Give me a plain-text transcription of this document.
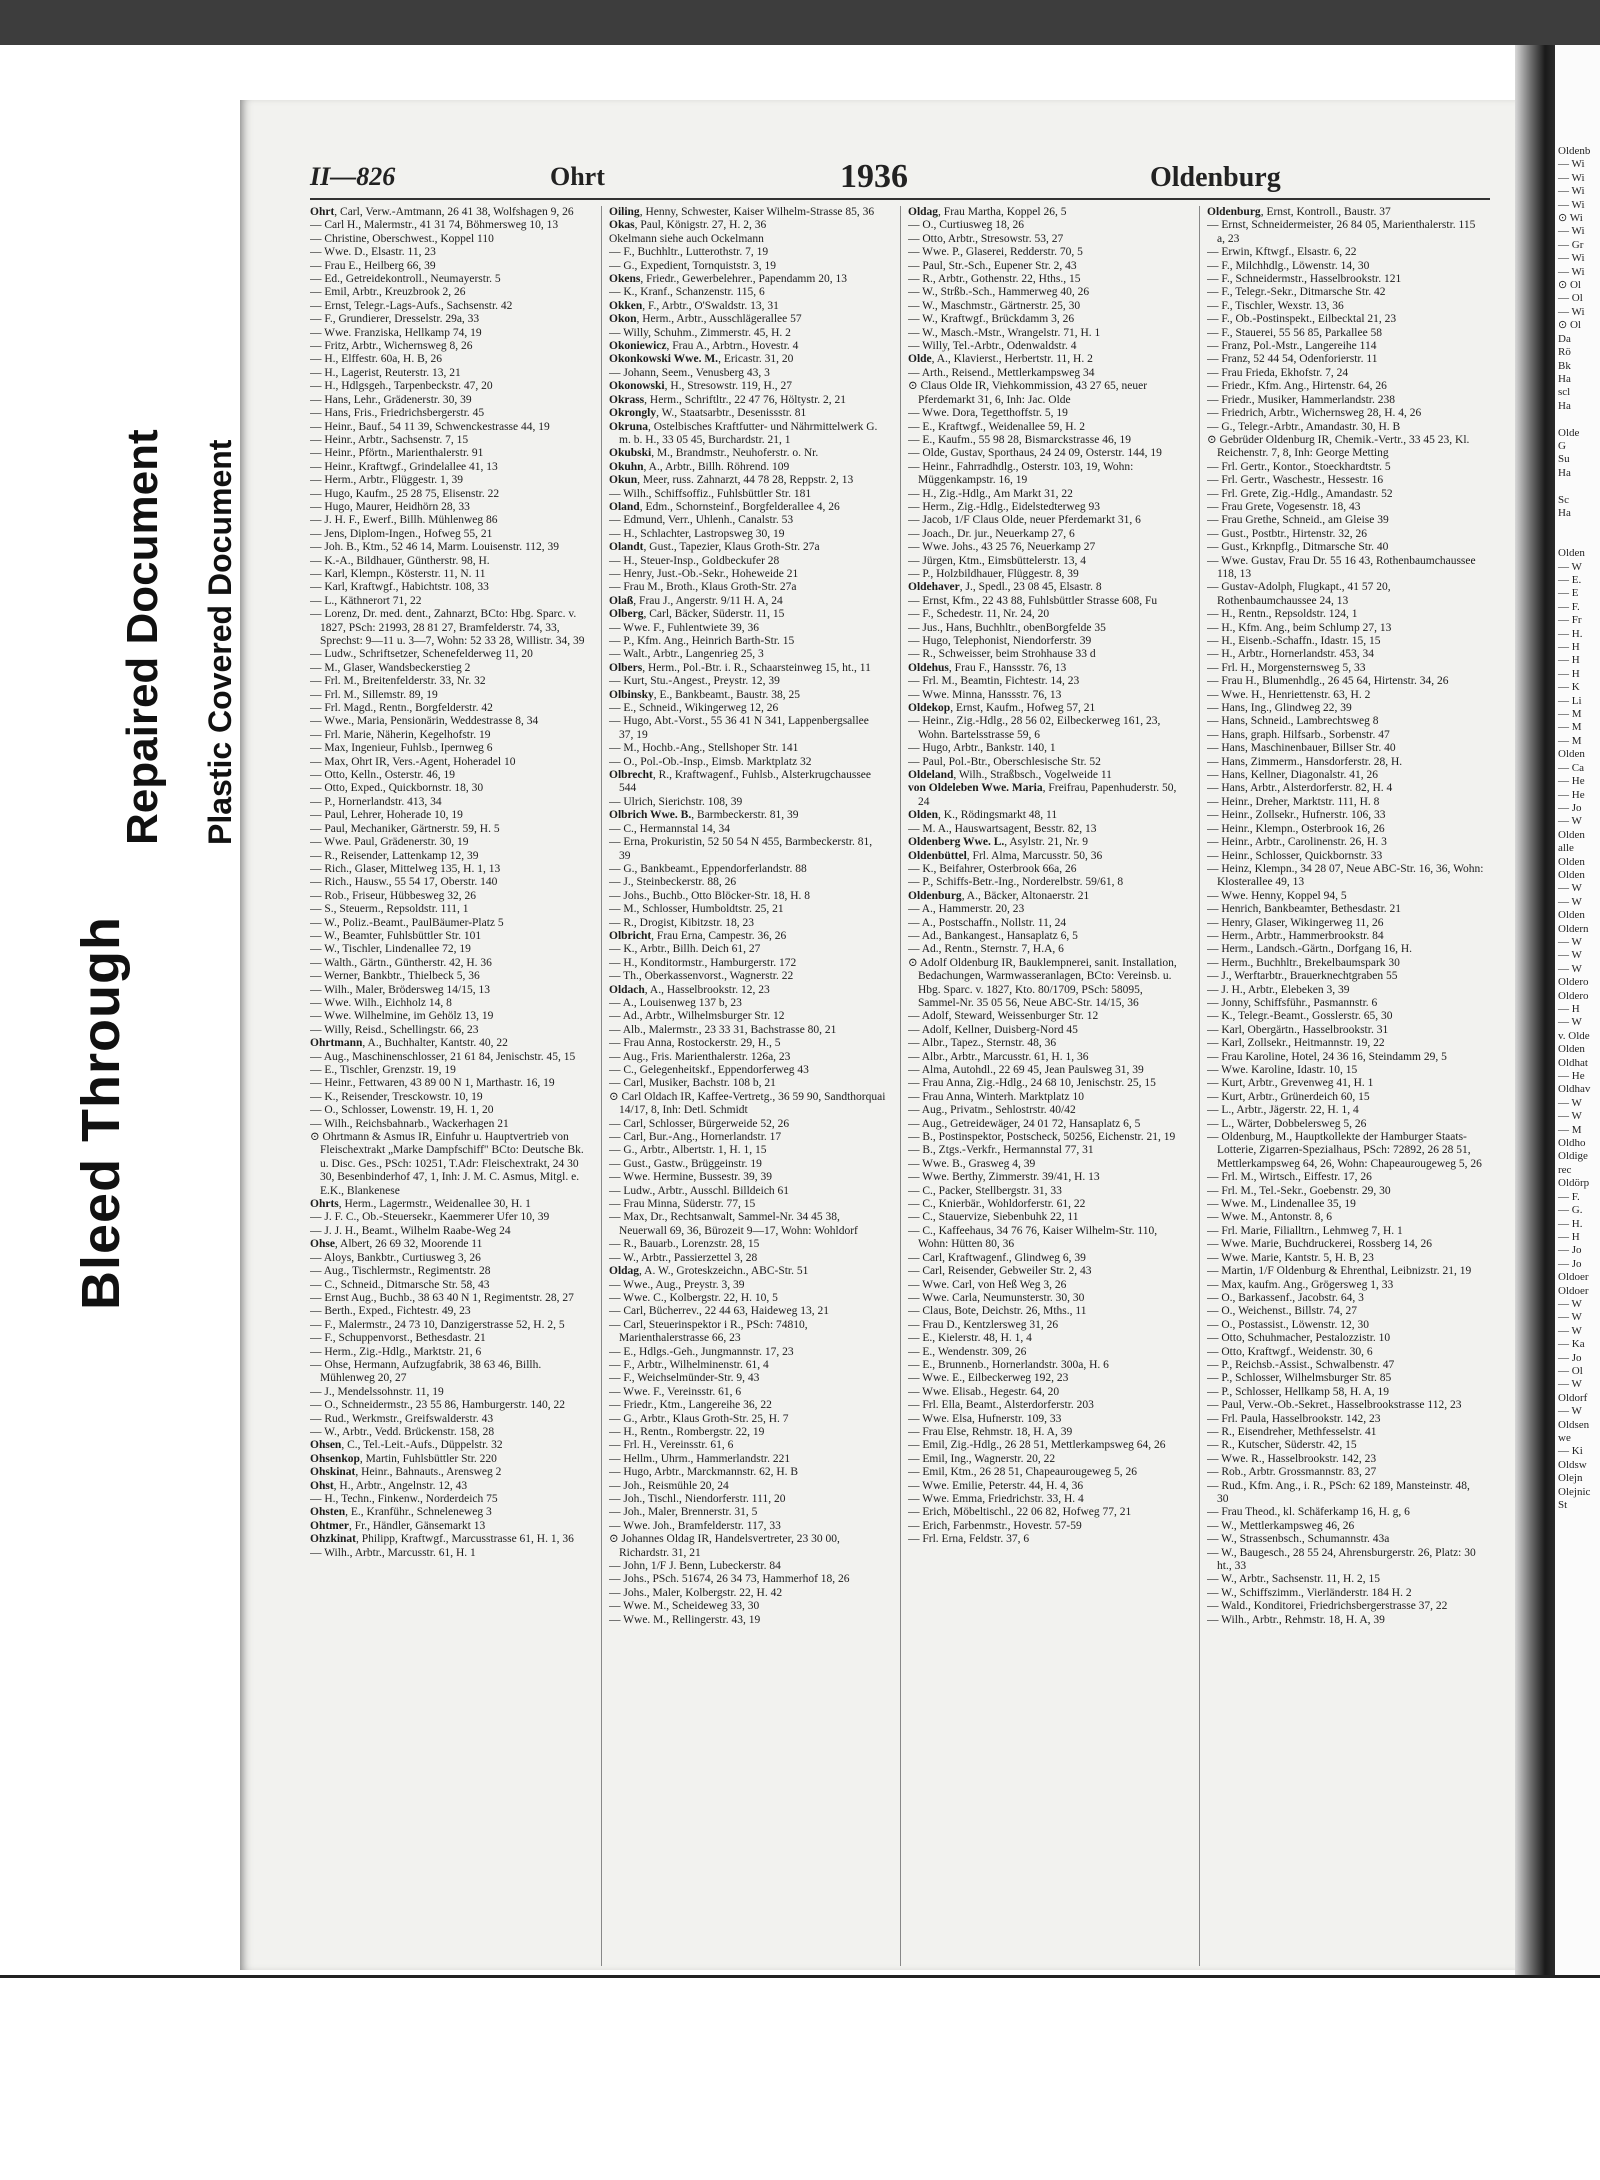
Bleed Through
Repaired Document Plastic Covered Document
II—826	Ohrt	1936	Oldenburg

Ohrt, Carl, Verw.-Amtmann, 26 41 38, Wolfshagen 9, 26

— Carl H., Malermstr., 41 31 74, Böhmersweg 10, 13

— Christine, Oberschwest., Koppel 110

— Wwe. D., Elsastr. 11, 23

— Frau E., Heilberg 66, 39

— Ed., Getreidekontroll., Neumayerstr. 5

— Emil, Arbtr., Kreuzbrook 2, 26

— Ernst, Telegr.-Lags-Aufs., Sachsenstr. 42

— F., Grundierer, Dresselstr. 29a, 33

— Wwe. Franziska, Hellkamp 74, 19

— Fritz, Arbtr., Wichernsweg 8, 26

— H., Elffestr. 60a, H. B, 26

— H., Lagerist, Reuterstr. 13, 21

— H., Hdlgsgeh., Tarpenbeckstr. 47, 20

— Hans, Lehr., Grädenerstr. 30, 39

— Hans, Fris., Friedrichsbergerstr. 45

— Heinr., Bauf., 54 11 39, Schwenckestrasse 44, 19

— Heinr., Arbtr., Sachsenstr. 7, 15

— Heinr., Pförtn., Marienthalerstr. 91

— Heinr., Kraftwgf., Grindelallee 41, 13

— Herm., Arbtr., Flüggestr. 1, 39

— Hugo, Kaufm., 25 28 75, Elisenstr. 22

— Hugo, Maurer, Heidhörn 28, 33

— J. H. F., Ewerf., Billh. Mühlenweg 86

— Jens, Diplom-Ingen., Hofweg 55, 21

— Joh. B., Ktm., 52 46 14, Marm. Louisenstr. 112, 39

— K.-A., Bildhauer, Güntherstr. 98, H.

— Karl, Klempn., Kösterstr. 11, N. 11

— Karl, Kraftwgf., Habichtstr. 108, 33

— L., Käthnerort 71, 22

— Lorenz, Dr. med. dent., Zahnarzt, BCto: Hbg. Sparc. v. 1827, PSch: 21993, 28 81 27, Bramfelderstr. 74, 33, Sprechst: 9—11 u. 3—7, Wohn: 52 33 28, Willistr. 34, 39

— Ludw., Schriftsetzer, Schenefelderweg 11, 20

— M., Glaser, Wandsbeckerstieg 2

— Frl. M., Breitenfelderstr. 33, Nr. 32

— Frl. M., Sillemstr. 89, 19

— Frl. Magd., Rentn., Borgfelderstr. 42

— Wwe., Maria, Pensionärin, Weddestrasse 8, 34

— Frl. Marie, Näherin, Kegelhofstr. 19

— Max, Ingenieur, Fuhlsb., Ipernweg 6

— Max, Ohrt IR, Vers.-Agent, Hoheradel 10

— Otto, Kelln., Osterstr. 46, 19

— Otto, Exped., Quickbornstr. 18, 30

— P., Hornerlandstr. 413, 34

— Paul, Lehrer, Hoherade 10, 19

— Paul, Mechaniker, Gärtnerstr. 59, H. 5

— Wwe. Paul, Grädenerstr. 30, 19

— R., Reisender, Lattenkamp 12, 39

— Rich., Glaser, Mittelweg 135, H. 1, 13

— Rich., Hausw., 55 54 17, Oberstr. 140

— Rob., Friseur, Hübbesweg 32, 26

— S., Steuerm., Repsoldstr. 111, 1

— W., Poliz.-Beamt., PaulBäumer-Platz 5

— W., Beamter, Fuhlsbüttler Str. 101

— W., Tischler, Lindenallee 72, 19

— Walth., Gärtn., Güntherstr. 42, H. 36

— Werner, Bankbtr., Thielbeck 5, 36

— Wilh., Maler, Brödersweg 14/15, 13

— Wwe. Wilh., Eichholz 14, 8

— Wwe. Wilhelmine, im Gehölz 13, 19

— Willy, Reisd., Schellingstr. 66, 23

Ohrtmann, A., Buchhalter, Kantstr. 40, 22

— Aug., Maschinenschlosser, 21 61 84, Jenischstr. 45, 15

— E., Tischler, Grenzstr. 19, 19

— Heinr., Fettwaren, 43 89 00 N 1, Marthastr. 16, 19

— K., Reisender, Tresckowstr. 10, 19

— O., Schlosser, Lowenstr. 19, H. 1, 20

— Wilh., Reichsbahnarb., Wackerhagen 21

⊙ Ohrtmann & Asmus IR, Einfuhr u. Hauptvertrieb von Fleischextrakt „Marke Dampfschiff" BCto: Deutsche Bk. u. Disc. Ges., PSch: 10251, T.Adr: Fleischextrakt, 24 30 30, Besenbinderhof 47, 1, Inh: J. M. C. Asmus, Mitgl. e. E.K., Blankenese

Ohrts, Herm., Lagermstr., Weidenallee 30, H. 1

— J. F. C., Ob.-Steuersekr., Kaemmerer Ufer 10, 39

— J. J. H., Beamt., Wilhelm Raabe-Weg 24

Ohse, Albert, 26 69 32, Moorende 11

— Aloys, Bankbtr., Curtiusweg 3, 26

— Aug., Tischlermstr., Regimentstr. 28

— C., Schneid., Ditmarsche Str. 58, 43

— Ernst Aug., Buchb., 38 63 40 N 1, Regimentstr. 28, 27

— Berth., Exped., Fichtestr. 49, 23

— F., Malermstr., 24 73 10, Danzigerstrasse 52, H. 2, 5

— F., Schuppenvorst., Bethesdastr. 21

— Herm., Zig.-Hdlg., Marktstr. 21, 6

— Ohse, Hermann, Aufzugfabrik, 38 63 46, Billh. Mühlenweg 20, 27

— J., Mendelssohnstr. 11, 19

— O., Schneidermstr., 23 55 86, Hamburgerstr. 140, 22

— Rud., Werkmstr., Greifswalderstr. 43

— W., Arbtr., Vedd. Brückenstr. 158, 28

Ohsen, C., Tel.-Leit.-Aufs., Düppelstr. 32

Ohsenkop, Martin, Fuhlsbüttler Str. 220

Ohskinat, Heinr., Bahnauts., Arensweg 2

Ohst, H., Arbtr., Angelnstr. 12, 43

— H., Techn., Finkenw., Norderdeich 75

Ohsten, E., Kranführ., Schneleneweg 3

Ohtmer, Fr., Händler, Gänsemarkt 13

Ohzkinat, Philipp, Kraftwgf., Marcusstrasse 61, H. 1, 36

— Wilh., Arbtr., Marcusstr. 61, H. 1

Oiling, Henny, Schwester, Kaiser Wilhelm-Strasse 85, 36

Okas, Paul, Königstr. 27, H. 2, 36

Okelmann siehe auch Ockelmann

— F., Buchhltr., Lutterothstr. 7, 19

— G., Expedient, Tornquiststr. 3, 19

Okens, Friedr., Gewerbelehrer., Papendamm 20, 13

— K., Kranf., Schanzenstr. 115, 6

Okken, F., Arbtr., O'Swaldstr. 13, 31

Okon, Herm., Arbtr., Ausschlägerallee 57

— Willy, Schuhm., Zimmerstr. 45, H. 2

Okoniewicz, Frau A., Arbtrn., Hovestr. 4

Okonkowski Wwe. M., Ericastr. 31, 20

— Johann, Seem., Venusberg 43, 3

Okonowski, H., Stresowstr. 119, H., 27

Okrass, Herm., Schriftltr., 22 47 76, Höltystr. 2, 21

Okrongly, W., Staatsarbtr., Desenissstr. 81

Okruna, Ostelbisches Kraftfutter- und Nährmittelwerk G. m. b. H., 33 05 45, Burchardstr. 21, 1

Okubski, M., Brandmstr., Neuhoferstr. o. Nr.

Okuhn, A., Arbtr., Billh. Röhrend. 109

Okun, Meer, russ. Zahnarzt, 44 78 28, Reppstr. 2, 13

— Wilh., Schiffsoffiz., Fuhlsbüttler Str. 181

Oland, Edm., Schornsteinf., Borgfelderallee 4, 26

— Edmund, Verr., Uhlenh., Canalstr. 53

— H., Schlachter, Lastropsweg 30, 19

Olandt, Gust., Tapezier, Klaus Groth-Str. 27a

— H., Steuer-Insp., Goldbeckufer 28

— Henry, Just.-Ob.-Sekr., Hoheweide 21

— Frau M., Broth., Klaus Groth-Str. 27a

Olaß, Frau J., Angerstr. 9/11 H. A, 24

Olberg, Carl, Bäcker, Süderstr. 11, 15

— Wwe. F., Fuhlentwiete 39, 36

— P., Kfm. Ang., Heinrich Barth-Str. 15

— Walt., Arbtr., Langenrieg 25, 3

Olbers, Herm., Pol.-Btr. i. R., Schaarsteinweg 15, ht., 11

— Kurt, Stu.-Angest., Preystr. 12, 39

Olbinsky, E., Bankbeamt., Baustr. 38, 25

— E., Schneid., Wikingerweg 12, 26

— Hugo, Abt.-Vorst., 55 36 41 N 341, Lappenbergsallee 37, 19

— M., Hochb.-Ang., Stellshoper Str. 141

— O., Pol.-Ob.-Insp., Eimsb. Marktplatz 32

Olbrecht, R., Kraftwagenf., Fuhlsb., Alsterkrugchaussee 544

— Ulrich, Sierichstr. 108, 39

Olbrich Wwe. B., Barmbeckerstr. 81, 39

— C., Hermannstal 14, 34

— Erna, Prokuristin, 52 50 54 N 455, Barmbeckerstr. 81, 39

— G., Bankbeamt., Eppendorferlandstr. 88

— J., Steinbeckerstr. 88, 26

— Johs., Buchb., Otto Blöcker-Str. 18, H. 8

— M., Schlosser, Humboldtstr. 25, 21

— R., Drogist, Kibitzstr. 18, 23

Olbricht, Frau Erna, Campestr. 36, 26

— K., Arbtr., Billh. Deich 61, 27

— H., Konditormstr., Hamburgerstr. 172

— Th., Oberkassenvorst., Wagnerstr. 22

Oldach, A., Hasselbrookstr. 12, 23

— A., Louisenweg 137 b, 23

— Ad., Arbtr., Wilhelmsburger Str. 12

— Alb., Malermstr., 23 33 31, Bachstrasse 80, 21

— Frau Anna, Rostockerstr. 29, H., 5

— Aug., Fris. Marienthalerstr. 126a, 23

— C., Gelegenheitskf., Eppendorferweg 43

— Carl, Musiker, Bachstr. 108 b, 21

⊙ Carl Oldach IR, Kaffee-Vertretg., 36 59 90, Sandthorquai 14/17, 8, Inh: Detl. Schmidt

— Carl, Schlosser, Bürgerweide 52, 26

— Carl, Bur.-Ang., Hornerlandstr. 17

— G., Arbtr., Albertstr. 1, H. 1, 15

— Gust., Gastw., Brüggeinstr. 19

— Wwe. Hermine, Bussestr. 39, 39

— Ludw., Arbtr., Ausschl. Billdeich 61

— Frau Minna, Süderstr. 77, 15

— Max, Dr., Rechtsanwalt, Sammel-Nr. 34 45 38, Neuerwall 69, 36, Bürozeit 9—17, Wohn: Wohldorf

— R., Bauarb., Lorenzstr. 28, 15

— W., Arbtr., Passierzettel 3, 28

Oldag, A. W., Groteskzeichn., ABC-Str. 51

— Wwe., Aug., Preystr. 3, 39

— Wwe. C., Kolbergstr. 22, H. 10, 5

— Carl, Bücherrev., 22 44 63, Haideweg 13, 21

— Carl, Steuerinspektor i R., PSch: 74810, Marienthalerstrasse 66, 23

— E., Hdlgs.-Geh., Jungmannstr. 17, 23

— F., Arbtr., Wilhelminenstr. 61, 4

— F., Weichselmünder-Str. 9, 43

— Wwe. F., Vereinsstr. 61, 6

— Friedr., Ktm., Langereihe 36, 22

— G., Arbtr., Klaus Groth-Str. 25, H. 7

— H., Rentn., Rombergstr. 22, 19

— Frl. H., Vereinsstr. 61, 6

— Hellm., Uhrm., Hammerlandstr. 221

— Hugo, Arbtr., Marckmannstr. 62, H. B

— Joh., Reismühle 20, 24

— Joh., Tischl., Niendorferstr. 111, 20

— Joh., Maler, Brennerstr. 31, 5

— Wwe. Joh., Bramfelderstr. 117, 33

⊙ Johannes Oldag IR, Handelsvertreter, 23 30 00, Richardstr. 31, 21

— John, 1/F J. Benn, Lubeckerstr. 84

— Johs., PSch. 51674, 26 34 73, Hammerhof 18, 26

— Johs., Maler, Kolbergstr. 22, H. 42

— Wwe. M., Scheideweg 33, 30

— Wwe. M., Rellingerstr. 43, 19

Oldag, Frau Martha, Koppel 26, 5

— O., Curtiusweg 18, 26

— Otto, Arbtr., Stresowstr. 53, 27

— Wwe. P., Glaserei, Redderstr. 70, 5

— Paul, Str.-Sch., Eupener Str. 2, 43

— R., Arbtr., Gothenstr. 22, Hths., 15

— W., Strßb.-Sch., Hammerweg 40, 26

— W., Maschmstr., Gärtnerstr. 25, 30

— W., Kraftwgf., Brückdamm 3, 26

— W., Masch.-Mstr., Wrangelstr. 71, H. 1

— Willy, Tel.-Arbtr., Odenwaldstr. 4

Olde, A., Klavierst., Herbertstr. 11, H. 2

— Arth., Reisend., Mettlerkampsweg 34

⊙ Claus Olde IR, Viehkommission, 43 27 65, neuer Pferdemarkt 31, 6, Inh: Jac. Olde

— Wwe. Dora, Tegetthoffstr. 5, 19

— E., Kraftwgf., Weidenallee 59, H. 2

— E., Kaufm., 55 98 28, Bismarckstrasse 46, 19

— Olde, Gustav, Sporthaus, 24 24 09, Osterstr. 144, 19

— Heinr., Fahrradhdlg., Osterstr. 103, 19, Wohn: Müggenkampstr. 16, 19

— H., Zig.-Hdlg., Am Markt 31, 22

— Herm., Zig.-Hdlg., Eidelstedterweg 93

— Jacob, 1/F Claus Olde, neuer Pferdemarkt 31, 6

— Joach., Dr. jur., Neuerkamp 27, 6

— Wwe. Johs., 43 25 76, Neuerkamp 27

— Jürgen, Ktm., Eimsbüttelerstr. 13, 4

— P., Holzbildhauer, Flüggestr. 8, 39

Oldehaver, J., Spedl., 23 08 45, Elsastr. 8

— Ernst, Kfm., 22 43 88, Fuhlsbüttler Strasse 608, Fu

— F., Schedestr. 11, Nr. 24, 20

— Jus., Hans, Buchhltr., obenBorgfelde 35

— Hugo, Telephonist, Niendorferstr. 39

— R., Schweisser, beim Strohhause 33 d

Oldehus, Frau F., Hanssstr. 76, 13

— Frl. M., Beamtin, Fichtestr. 14, 23

— Wwe. Minna, Hanssstr. 76, 13

Oldekop, Ernst, Kaufm., Hofweg 57, 21

— Heinr., Zig.-Hdlg., 28 56 02, Eilbeckerweg 161, 23, Wohn. Bartelsstrasse 59, 6

— Hugo, Arbtr., Bankstr. 140, 1

— Paul, Pol.-Btr., Oberschlesische Str. 52

Oldeland, Wilh., Straßbsch., Vogelweide 11

von Oldeleben Wwe. Maria, Freifrau, Papenhuderstr. 50, 24

Olden, K., Rödingsmarkt 48, 11

— M. A., Hauswartsagent, Besstr. 82, 13

Oldenberg Wwe. L., Asylstr. 21, Nr. 9

Oldenbüttel, Frl. Alma, Marcusstr. 50, 36

— K., Beifahrer, Osterbrook 66a, 26

— P., Schiffs-Betr.-Ing., Norderelbstr. 59/61, 8

Oldenburg, A., Bäcker, Altonaerstr. 21

— A., Hammerstr. 20, 23

— A., Postschaffn., Nollstr. 11, 24

— Ad., Bankangest., Hansaplatz 6, 5

— Ad., Rentn., Sternstr. 7, H.A, 6

⊙ Adolf Oldenburg IR, Bauklempnerei, sanit. Installation, Bedachungen, Warmwasseranlagen, BCto: Vereinsb. u. Hbg. Sparc. v. 1827, Kto. 80/1709, PSch: 58095, Sammel-Nr. 35 05 56, Neue ABC-Str. 14/15, 36

— Adolf, Steward, Weissenburger Str. 12

— Adolf, Kellner, Duisberg-Nord 45

— Albr., Tapez., Sternstr. 48, 36

— Albr., Arbtr., Marcusstr. 61, H. 1, 36

— Alma, Autohdl., 22 69 45, Jean Paulsweg 31, 39

— Frau Anna, Zig.-Hdlg., 24 68 10, Jenischstr. 25, 15

— Frau Anna, Winterh. Marktplatz 10

— Aug., Privatm., Sehlostrstr. 40/42

— Aug., Getreidewäger, 24 01 72, Hansaplatz 6, 5

— B., Postinspektor, Postscheck, 50256, Eichenstr. 21, 19

— B., Ztgs.-Verkfr., Hermannstal 77, 31

— Wwe. B., Grasweg 4, 39

— Wwe. Berthy, Zimmerstr. 39/41, H. 13

— C., Packer, Stellbergstr. 31, 33

— C., Knierbär., Wohldorferstr. 61, 22

— C., Stauervize, Siebenbuhk 22, 11

— C., Kaffeehaus, 34 76 76, Kaiser Wilhelm-Str. 110, Wohn: Hütten 80, 36

— Carl, Kraftwagenf., Glindweg 6, 39

— Carl, Reisender, Gebweiler Str. 2, 43

— Wwe. Carl, von Heß Weg 3, 26

— Wwe. Carla, Neumunsterstr. 30, 30

— Claus, Bote, Deichstr. 26, Mths., 11

— Frau D., Kentzlersweg 31, 26

— E., Kielerstr. 48, H. 1, 4

— E., Wendenstr. 309, 26

— E., Brunnenb., Hornerlandstr. 300a, H. 6

— Wwe. E., Eilbeckerweg 192, 23

— Wwe. Elisab., Hegestr. 64, 20

— Frl. Ella, Beamt., Alsterdorferstr. 203

— Wwe. Elsa, Hufnerstr. 109, 33

— Frau Else, Rehmstr. 18, H. A, 39

— Emil, Zig.-Hdlg., 26 28 51, Mettlerkampsweg 64, 26

— Emil, Ing., Wagnerstr. 20, 22

— Emil, Ktm., 26 28 51, Chapeaurougeweg 5, 26

— Wwe. Emilie, Peterstr. 44, H. 4, 36

— Wwe. Emma, Friedrichstr. 33, H. 4

— Erich, Möbeltischl., 22 06 82, Hofweg 77, 21

— Erich, Farbenmstr., Hovestr. 57-59

— Frl. Erna, Feldstr. 37, 6

Oldenburg, Ernst, Kontroll., Baustr. 37

— Ernst, Schneidermeister, 26 84 05, Marienthalerstr. 115 a, 23

— Erwin, Kftwgf., Elsastr. 6, 22

— F., Milchhdlg., Löwenstr. 14, 30

— F., Schneidermstr., Hasselbrookstr. 121

— F., Telegr.-Sekr., Ditmarsche Str. 42

— F., Tischler, Wexstr. 13, 36

— F., Ob.-Postinspekt., Eilbecktal 21, 23

— F., Stauerei, 55 56 85, Parkallee 58

— Franz, Pol.-Mstr., Langereihe 114

— Franz, 52 44 54, Odenforierstr. 11

— Frau Frieda, Ekhofstr. 7, 24

— Friedr., Kfm. Ang., Hirtenstr. 64, 26

— Friedr., Musiker, Hammerlandstr. 238

— Friedrich, Arbtr., Wichernsweg 28, H. 4, 26

— G., Telegr.-Arbtr., Amandastr. 30, H. B

⊙ Gebrüder Oldenburg IR, Chemik.-Vertr., 33 45 23, Kl. Reichenstr. 7, 8, Inh: George Metting

— Frl. Gertr., Kontor., Stoeckhardtstr. 5

— Frl. Gertr., Waschestr., Hessestr. 16

— Frl. Grete, Zig.-Hdlg., Amandastr. 52

— Frau Grete, Vogesenstr. 18, 43

— Frau Grethe, Schneid., am Gleise 39

— Gust., Postbtr., Hirtenstr. 32, 26

— Gust., Krknpflg., Ditmarsche Str. 40

— Wwe. Gustav, Frau Dr. 55 16 43, Rothenbaumchaussee 118, 13

— Gustav-Adolph, Flugkapt., 41 57 20, Rothenbaumchaussee 24, 13

— H., Rentn., Repsoldstr. 124, 1

— H., Kfm. Ang., beim Schlump 27, 13

— H., Eisenb.-Schaffn., Idastr. 15, 15

— H., Arbtr., Hornerlandstr. 453, 34

— Frl. H., Morgensternsweg 5, 33

— Frau H., Blumenhdlg., 26 45 64, Hirtenstr. 34, 26

— Wwe. H., Henriettenstr. 63, H. 2

— Hans, Ing., Glindweg 22, 39

— Hans, Schneid., Lambrechtsweg 8

— Hans, graph. Hilfsarb., Sorbenstr. 47

— Hans, Maschinenbauer, Billser Str. 40

— Hans, Zimmerm., Hansdorferstr. 28, H.

— Hans, Kellner, Diagonalstr. 41, 26

— Hans, Arbtr., Alsterdorferstr. 82, H. 4

— Heinr., Dreher, Marktstr. 111, H. 8

— Heinr., Zollsekr., Hufnerstr. 106, 33

— Heinr., Klempn., Osterbrook 16, 26

— Heinr., Arbtr., Carolinenstr. 26, H. 3

— Heinr., Schlosser, Quickbornstr. 33

— Heinz, Klempn., 34 28 07, Neue ABC-Str. 16, 36, Wohn: Klosterallee 49, 13

— Wwe. Henny, Koppel 94, 5

— Henrich, Bankbeamter, Bethesdastr. 21

— Henry, Glaser, Wikingerweg 11, 26

— Herm., Arbtr., Hammerbrookstr. 84

— Herm., Landsch.-Gärtn., Dorfgang 16, H.

— Herm., Buchhltr., Brekelbaumspark 30

— J., Werftarbtr., Brauerknechtgraben 55

— J. H., Arbtr., Elebeken 3, 39

— Jonny, Schiffsführ., Pasmannstr. 6

— K., Telegr.-Beamt., Gosslerstr. 65, 30

— Karl, Obergärtn., Hasselbrookstr. 31

— Karl, Zollsekr., Heitmannstr. 19, 22

— Frau Karoline, Hotel, 24 36 16, Steindamm 29, 5

— Wwe. Karoline, Idastr. 10, 15

— Kurt, Arbtr., Grevenweg 41, H. 1

— Kurt, Arbtr., Grünerdeich 60, 15

— L., Arbtr., Jägerstr. 22, H. 1, 4

— L., Wärter, Dobbelersweg 5, 26

— Oldenburg, M., Hauptkollekte der Hamburger Staats-Lotterie, Zigarren-Spezialhaus, PSch: 72892, 26 28 51, Mettlerkampsweg 64, 26, Wohn: Chapeaurougeweg 5, 26

— Frl. M., Wirtsch., Eiffestr. 17, 26

— Frl. M., Tel.-Sekr., Goebenstr. 29, 30

— Wwe. M., Lindenallee 35, 19

— Wwe. M., Antonstr. 8, 6

— Frl. Marie, Filialltrn., Lehmweg 7, H. 1

— Wwe. Marie, Buchdruckerei, Rossberg 14, 26

— Wwe. Marie, Kantstr. 5, H. B, 23

— Martin, 1/F Oldenburg & Ehrenthal, Leibnizstr. 21, 19

— Max, kaufm. Ang., Grögersweg 1, 33

— O., Barkassenf., Jacobstr. 64, 3

— O., Weichenst., Billstr. 74, 27

— O., Postassist., Löwenstr. 12, 30

— Otto, Schuhmacher, Pestalozzistr. 10

— Otto, Kraftwgf., Weidenstr. 30, 6

— P., Reichsb.-Assist., Schwalbenstr. 47

— P., Schlosser, Wilhelmsburger Str. 85

— P., Schlosser, Hellkamp 58, H. A, 19

— Paul, Verw.-Ob.-Sekret., Hasselbrookstrasse 112, 23

— Frl. Paula, Hasselbrookstr. 142, 23

— R., Eisendreher, Methfesselstr. 41

— R., Kutscher, Süderstr. 42, 15

— Wwe. R., Hasselbrookstr. 142, 23

— Rob., Arbtr. Grossmannstr. 83, 27

— Rud., Kfm. Ang., i. R., PSch: 62 189, Mansteinstr. 48, 30

— Frau Theod., kl. Schäferkamp 16, H. g, 6

— W., Mettlerkampsweg 46, 26

— W., Strassenbsch., Schumannstr. 43a

— W., Baugesch., 28 55 24, Ahrensburgerstr. 26, Platz: 30 ht., 33

— W., Arbtr., Sachsenstr. 11, H. 2, 15

— W., Schiffszimm., Vierländerstr. 184 H. 2

— Wald., Konditorei, Friedrichsbergerstrasse 37, 22

— Wilh., Arbtr., Rehmstr. 18, H. A, 39

Oldenb
— Wi
— Wi
— Wi
— Wi
⊙ Wi
— Wi
— Gr
— Wi
— Wi
⊙ Ol
— Ol
— Wi
⊙ Ol
Da
Rö
Bk
Ha
scl
Ha

Olde
G
Su
Ha

Sc
Ha

Olden
— W
— E.
— E
— F.
— Fr
— H.
— H
— H
— H
— K
— Li
— M
— M
— M
Olden
— Ca
— He
— He
— Jo
— W
Olden
alle
Olden
Olden
— W
— W
Olden
Oldern
— W
— W
— W
Oldero
Oldero
— H
— W
v. Olde
Olden
Oldhat
— He
Oldhav
— W
— W
— M
Oldho
Oldige
rec
Oldörp
— F.
— G.
— H.
— H
— Jo
— Jo
Oldoer
Oldoer
— W
— W
— W
— Ka
— Jo
— Ol
— W
Oldorf
— W
Oldsen
we
— Ki
Oldsw
Olejn
Olejnic
St
